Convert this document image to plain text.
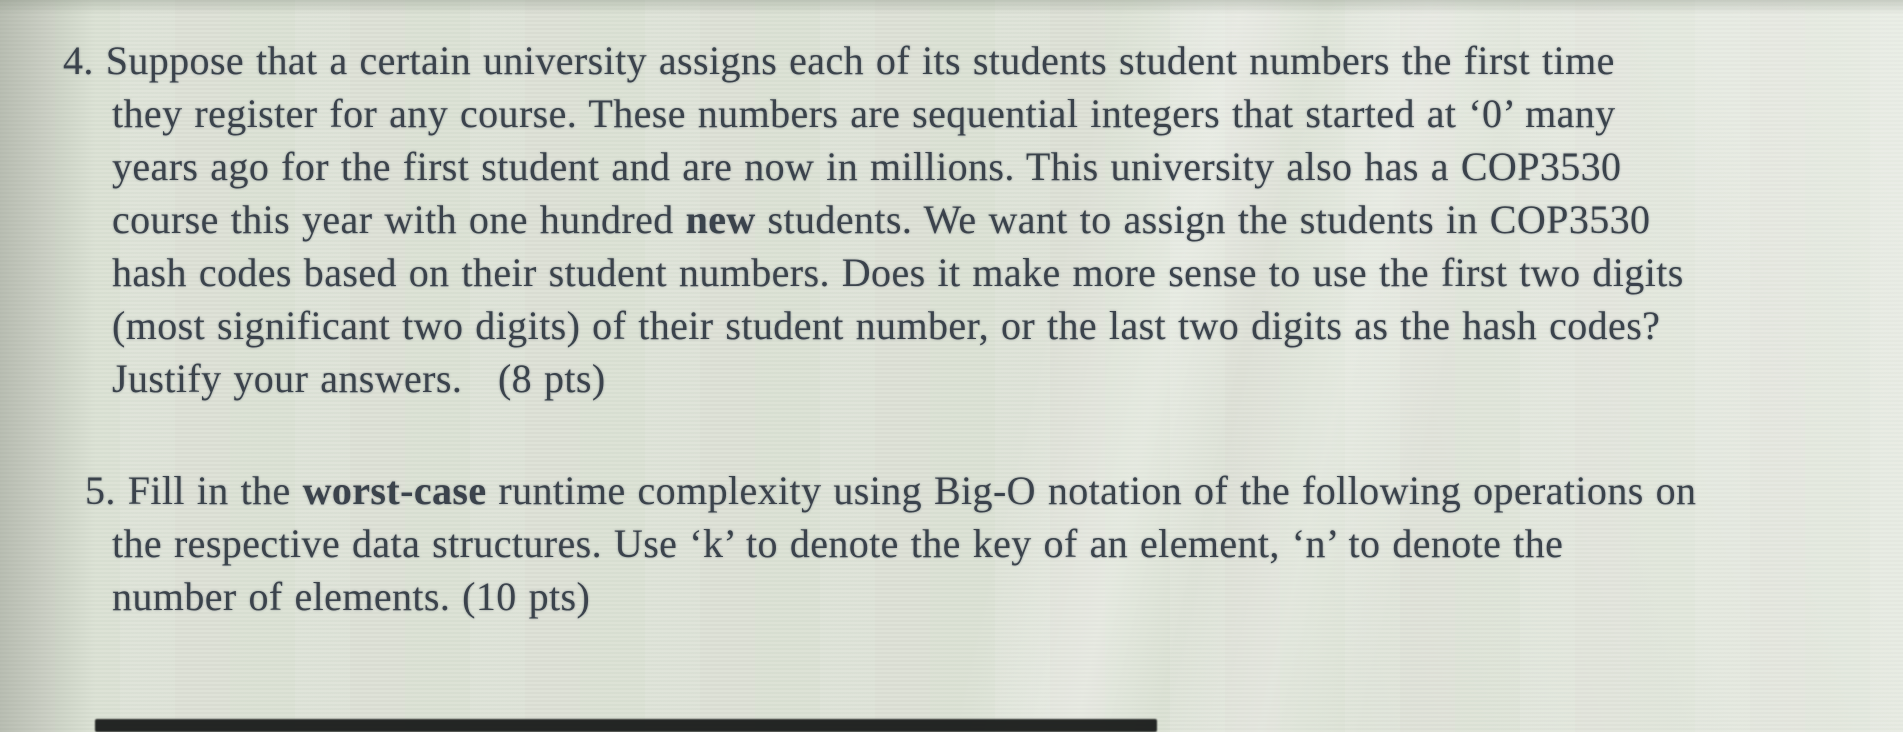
4. Suppose that a certain university assigns each of its students student numbers the first time
they register for any course. These numbers are sequential integers that started at ‘0’ many
years ago for the first student and are now in millions. This university also has a COP3530
course this year with one hundred new students. We want to assign the students in COP3530
hash codes based on their student numbers. Does it make more sense to use the first two digits
(most significant two digits) of their student number, or the last two digits as the hash codes?
Justify your answers.   (8 pts)
5. Fill in the worst-case runtime complexity using Big-O notation of the following operations on
the respective data structures. Use ‘k’ to denote the key of an element, ‘n’ to denote the
number of elements. (10 pts)
